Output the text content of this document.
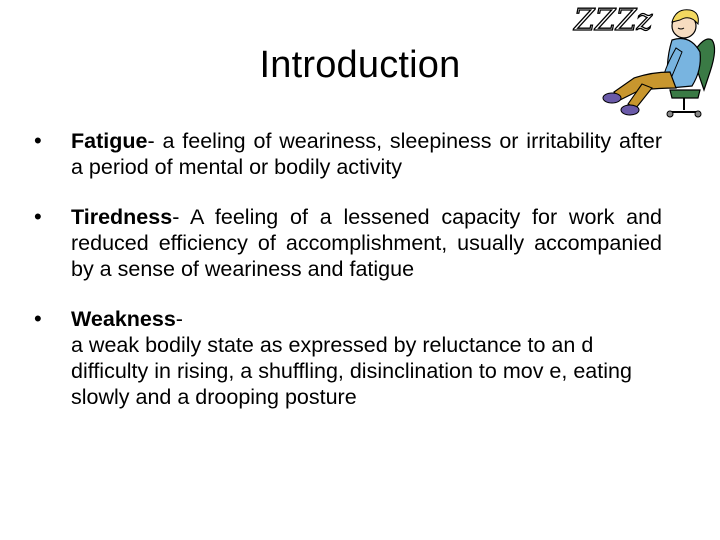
Introduction
• Fatigue- a feeling of weariness, sleepiness or irritability after a period of mental or bodily activity
• Tiredness- A feeling of a lessened capacity for work and reduced efficiency of accomplishment, usually accompanied by a sense of weariness and fatigue
• Weakness-
a weak bodily state as expressed by reluctance to an d difficulty in rising, a shuffling, disinclination to mov e, eating slowly and a drooping posture
ZZZz
